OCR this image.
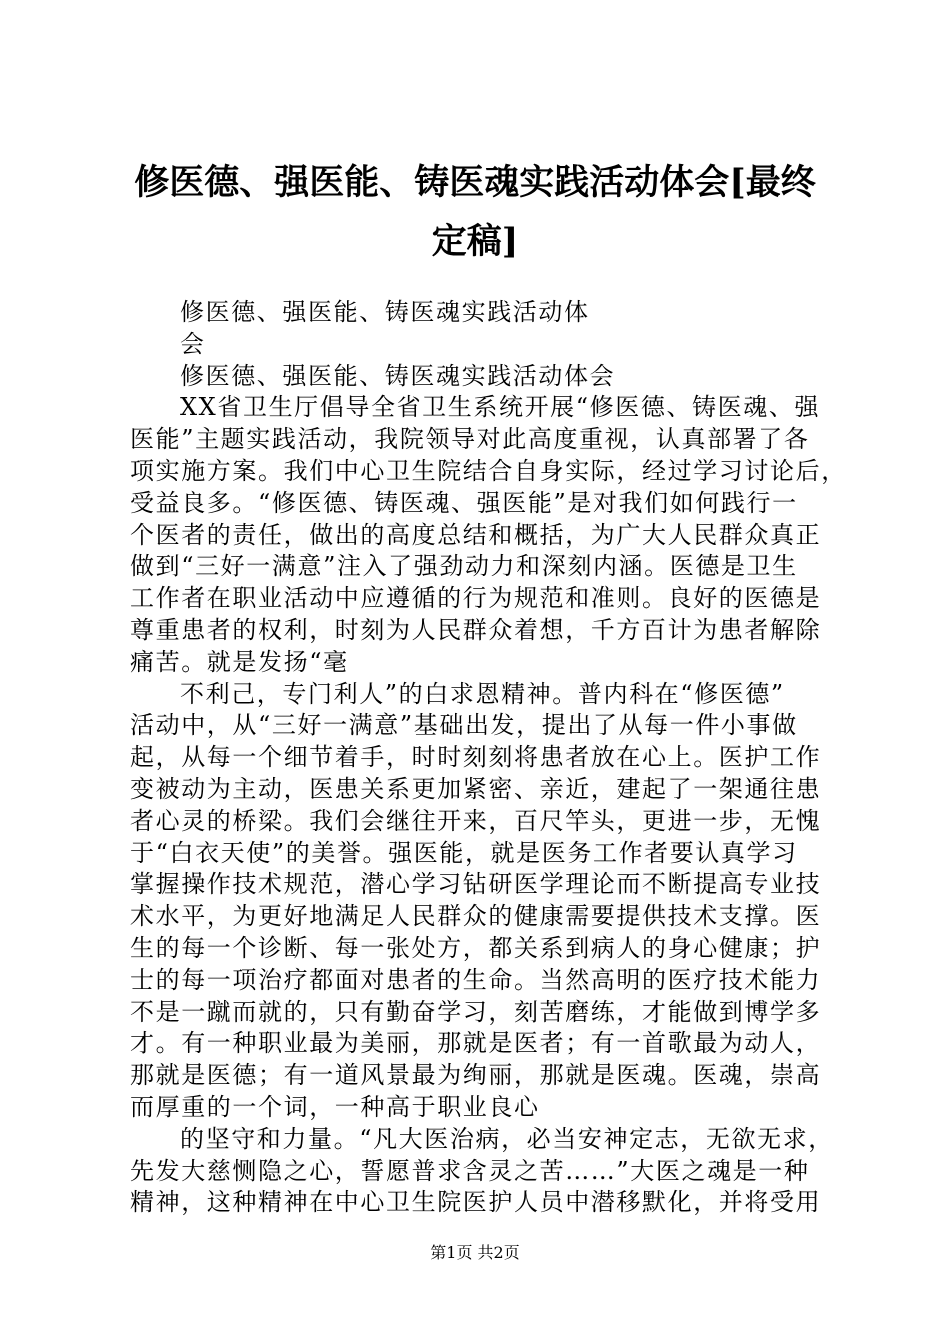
修医德、强医能、铸医魂实践活动体会[最终
定稿]
修医德、强医能、铸医魂实践活动体
会
修医德、强医能、铸医魂实践活动体会
XX省卫生厅倡导全省卫生系统开展“修医德、铸医魂、强
医能”主题实践活动，我院领导对此高度重视，认真部署了各
项实施方案。我们中心卫生院结合自身实际，经过学习讨论后，
受益良多。“修医德、铸医魂、强医能”是对我们如何践行一
个医者的责任，做出的高度总结和概括，为广大人民群众真正
做到“三好一满意”注入了强劲动力和深刻内涵。医德是卫生
工作者在职业活动中应遵循的行为规范和准则。良好的医德是
尊重患者的权利，时刻为人民群众着想，千方百计为患者解除
痛苦。就是发扬“毫
不利己，专门利人”的白求恩精神。普内科在“修医德”
活动中，从“三好一满意”基础出发，提出了从每一件小事做
起，从每一个细节着手，时时刻刻将患者放在心上。医护工作
变被动为主动，医患关系更加紧密、亲近，建起了一架通往患
者心灵的桥梁。我们会继往开来，百尺竿头，更进一步，无愧
于“白衣天使”的美誉。强医能，就是医务工作者要认真学习
掌握操作技术规范，潜心学习钻研医学理论而不断提高专业技
术水平，为更好地满足人民群众的健康需要提供技术支撑。医
生的每一个诊断、每一张处方，都关系到病人的身心健康；护
士的每一项治疗都面对患者的生命。当然高明的医疗技术能力
不是一蹴而就的，只有勤奋学习，刻苦磨练，才能做到博学多
才。有一种职业最为美丽，那就是医者；有一首歌最为动人，
那就是医德；有一道风景最为绚丽，那就是医魂。医魂，崇高
而厚重的一个词，一种高于职业良心
的坚守和力量。“凡大医治病，必当安神定志，无欲无求，
先发大慈恻隐之心，誓愿普求含灵之苦……”大医之魂是一种
精神，这种精神在中心卫生院医护人员中潜移默化，并将受用
第1页 共2页
